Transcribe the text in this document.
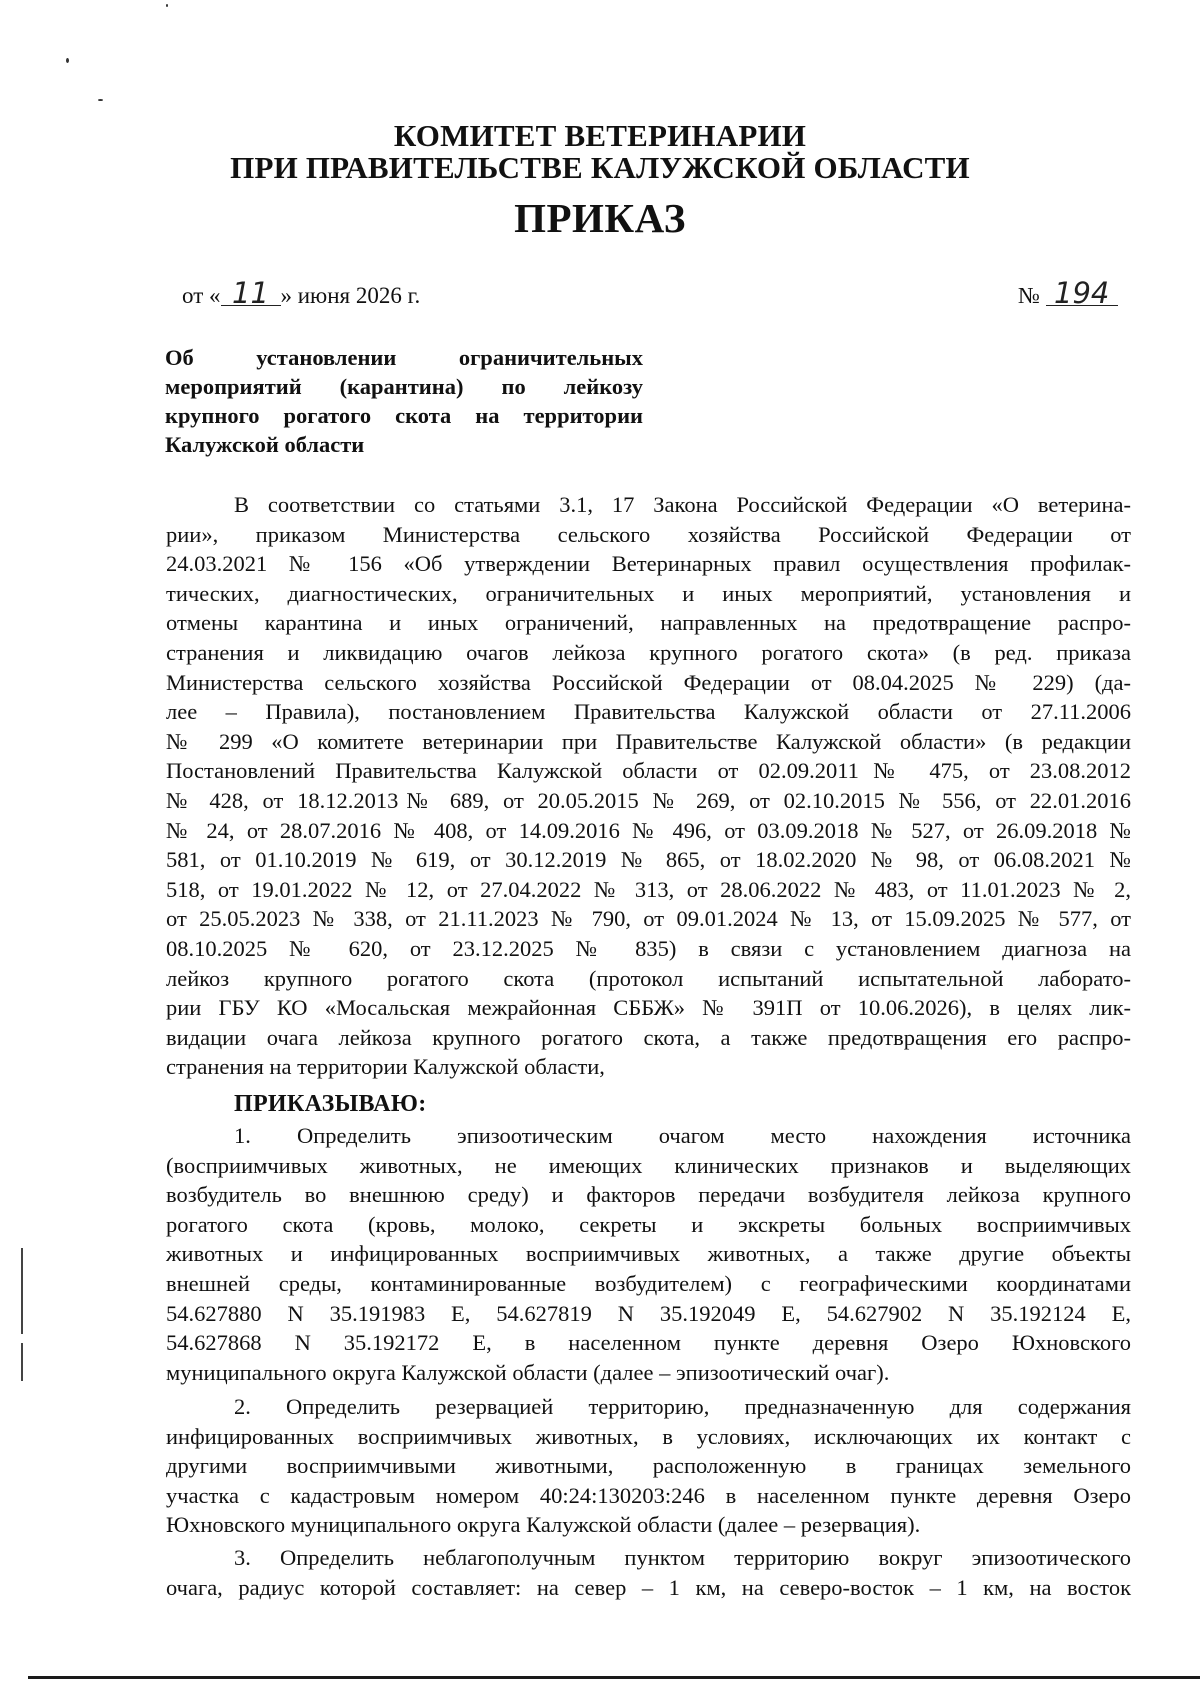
КОМИТЕТ ВЕТЕРИНАРИИ
ПРИ ПРАВИТЕЛЬСТВЕ КАЛУЖСКОЙ ОБЛАСТИ
ПРИКАЗ
от « 11 » июня 2026 г.	№ 194
Об установлении ограничительных
мероприятий (карантина) по лейкозу
крупного рогатого скота на территории
Калужской области
В соответствии со статьями 3.1, 17 Закона Российской Федерации «О ветерина-
рии», приказом Министерства сельского хозяйства Российской Федерации от
24.03.2021 № 156 «Об утверждении Ветеринарных правил осуществления профилак-
тических, диагностических, ограничительных и иных мероприятий, установления и
отмены карантина и иных ограничений, направленных на предотвращение распро-
странения и ликвидацию очагов лейкоза крупного рогатого скота» (в ред. приказа
Министерства сельского хозяйства Российской Федерации от 08.04.2025 № 229) (да-
лее – Правила), постановлением Правительства Калужской области от 27.11.2006
№ 299 «О комитете ветеринарии при Правительстве Калужской области» (в редакции
Постановлений Правительства Калужской области от 02.09.2011№ 475, от 23.08.2012
№ 428, от 18.12.2013№ 689, от 20.05.2015 № 269, от 02.10.2015 № 556, от 22.01.2016
№ 24, от 28.07.2016 № 408, от 14.09.2016 № 496, от 03.09.2018 № 527, от 26.09.2018 №
581, от 01.10.2019 № 619, от 30.12.2019 № 865, от 18.02.2020 № 98, от 06.08.2021 №
518, от 19.01.2022 № 12, от 27.04.2022 № 313, от 28.06.2022 № 483, от 11.01.2023 № 2,
от 25.05.2023 № 338, от 21.11.2023 № 790, от 09.01.2024 № 13, от 15.09.2025 № 577, от
08.10.2025 № 620, от 23.12.2025 № 835) в связи с установлением диагноза на
лейкоз крупного рогатого скота (протокол испытаний испытательной лаборато-
рии ГБУ КО «Мосальская межрайонная СББЖ» № 391П от 10.06.2026), в целях лик-
видации очага лейкоза крупного рогатого скота, а также предотвращения его распро-
странения на территории Калужской области,
ПРИКАЗЫВАЮ:
1. Определить эпизоотическим очагом место нахождения источника
(восприимчивых животных, не имеющих клинических признаков и выделяющих
возбудитель во внешнюю среду) и факторов передачи возбудителя лейкоза крупного
рогатого скота (кровь, молоко, секреты и экскреты больных восприимчивых
животных и инфицированных восприимчивых животных, а также другие объекты
внешней среды, контаминированные возбудителем) с географическими координатами
54.627880 N 35.191983 E, 54.627819 N 35.192049 E, 54.627902 N 35.192124 E,
54.627868 N 35.192172 E, в населенном пункте деревня Озеро Юхновского
муниципального округа Калужской области (далее – эпизоотический очаг).
2. Определить резервацией территорию, предназначенную для содержания
инфицированных восприимчивых животных, в условиях, исключающих их контакт с
другими восприимчивыми животными, расположенную в границах земельного
участка с кадастровым номером 40:24:130203:246 в населенном пункте деревня Озеро
Юхновского муниципального округа Калужской области (далее – резервация).
3. Определить неблагополучным пунктом территорию вокруг эпизоотического
очага, радиус которой составляет: на север – 1 км, на северо-восток – 1 км, на восток
